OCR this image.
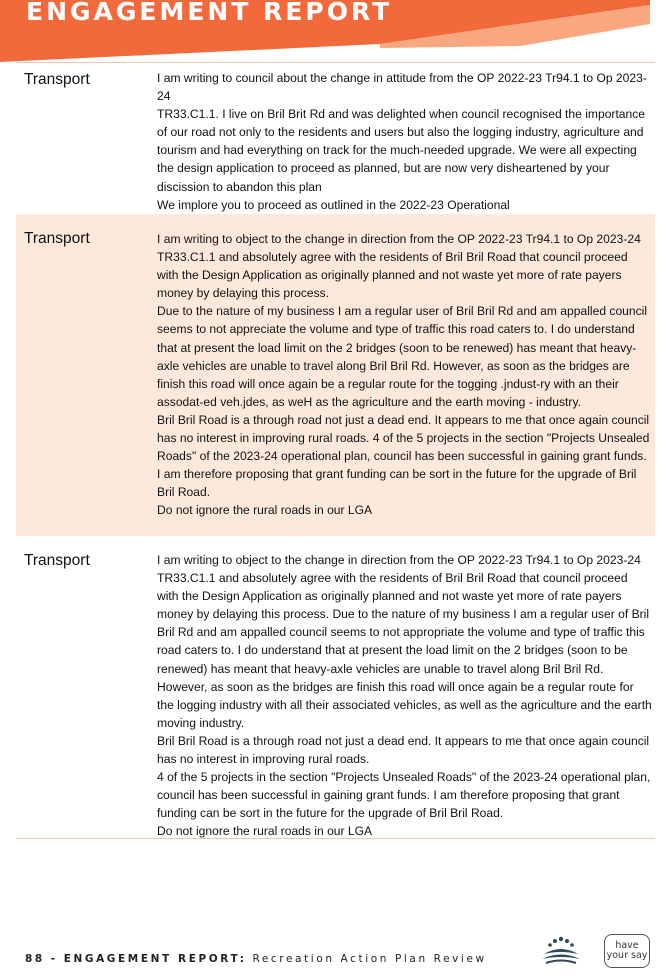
ENGAGEMENT REPORT
Transport	I am writing to council about the change in attitude from the OP 2022-23 Tr94.1 to Op 2023-24

TR33.C1.1. I live on Bril Brit Rd and was delighted when council recognised the importance of our road not only to the residents and users but also the logging industry, agriculture and tourism and had everything on track for the much-needed upgrade. We were all expecting the design application to proceed as planned, but are now very disheartened by your discission to abandon this plan

We implore you to proceed as outlined in the 2022-23 Operational

Transport	I am writing to object to the change in direction from the OP 2022-23 Tr94.1 to Op 2023-24 TR33.C1.1 and absolutely agree with the residents of Bril Bril Road that council proceed with the Design Application as originally planned and not waste yet more of rate payers money by delaying this process.

Due to the nature of my business I am a regular user of Bril Bril Rd and am appalled council seems to not appreciate the volume and type of traffic this road caters to. I do understand that at present the load limit on the 2 bridges (soon to be renewed) has meant that heavy-axle vehicles are unable to travel along Bril Bril Rd. However, as soon as the bridges are finish this road will once again be a regular route for the togging .jndust-ry with an their assodat-ed veh.jdes, as weH as the agriculture and the earth moving - industry.

Bril Bril Road is a through road not just a dead end. It appears to me that once again council has no interest in improving rural roads. 4 of the 5 projects in the section "Projects Unsealed Roads" of the 2023-24 operational plan, council has been successful in gaining grant funds. I am therefore proposing that grant funding can be sort in the future for the upgrade of Bril Bril Road.

Do not ignore the rural roads in our LGA

Transport	I am writing to object to the change in direction from the OP 2022-23 Tr94.1 to Op 2023-24 TR33.C1.1 and absolutely agree with the residents of Bril Bril Road that council proceed with the Design Application as originally planned and not waste yet more of rate payers money by delaying this process. Due to the nature of my business I am a regular user of Bril Bril Rd and am appalled council seems to not appropriate the volume and type of traffic this road caters to. I do understand that at present the load limit on the 2 bridges (soon to be renewed) has meant that heavy-axle vehicles are unable to travel along Bril Bril Rd. However, as soon as the bridges are finish this road will once again be a regular route for the logging industry with all their associated vehicles, as well as the agriculture and the earth moving industry.

Bril Bril Road is a through road not just a dead end. It appears to me that once again council has no interest in improving rural roads.

4 of the 5 projects in the section "Projects Unsealed Roads" of the 2023-24 operational plan, council has been successful in gaining grant funds. I am therefore proposing that grant funding can be sort in the future for the upgrade of Bril Bril Road.

Do not ignore the rural roads in our LGA

88 - ENGAGEMENT REPORT: Recreation Action Plan Review
have
your say
